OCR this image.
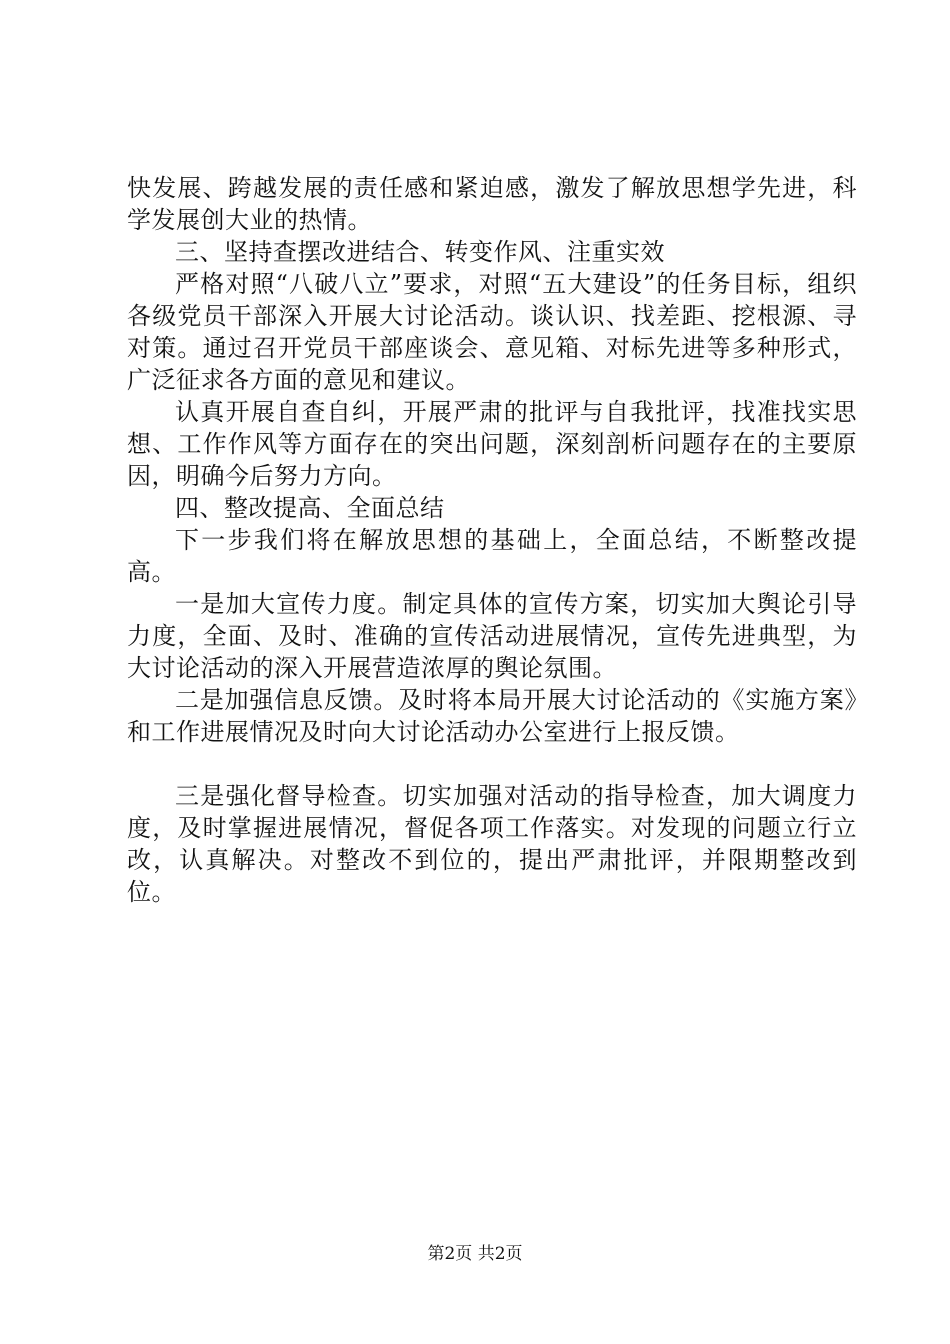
快发展、跨越发展的责任感和紧迫感，激发了解放思想学先进，科学发展创大业的热情。

三、坚持查摆改进结合、转变作风、注重实效

严格对照“八破八立”要求，对照“五大建设”的任务目标，组织各级党员干部深入开展大讨论活动。谈认识、找差距、挖根源、寻对策。通过召开党员干部座谈会、意见箱、对标先进等多种形式，广泛征求各方面的意见和建议。

认真开展自查自纠，开展严肃的批评与自我批评，找准找实思想、工作作风等方面存在的突出问题，深刻剖析问题存在的主要原因，明确今后努力方向。

四、整改提高、全面总结

下一步我们将在解放思想的基础上，全面总结，不断整改提高。

一是加大宣传力度。制定具体的宣传方案，切实加大舆论引导力度，全面、及时、准确的宣传活动进展情况，宣传先进典型，为大讨论活动的深入开展营造浓厚的舆论氛围。

二是加强信息反馈。及时将本局开展大讨论活动的《实施方案》和工作进展情况及时向大讨论活动办公室进行上报反馈。

三是强化督导检查。切实加强对活动的指导检查，加大调度力度，及时掌握进展情况，督促各项工作落实。对发现的问题立行立改，认真解决。对整改不到位的，提出严肃批评，并限期整改到位。

第2页 共2页
